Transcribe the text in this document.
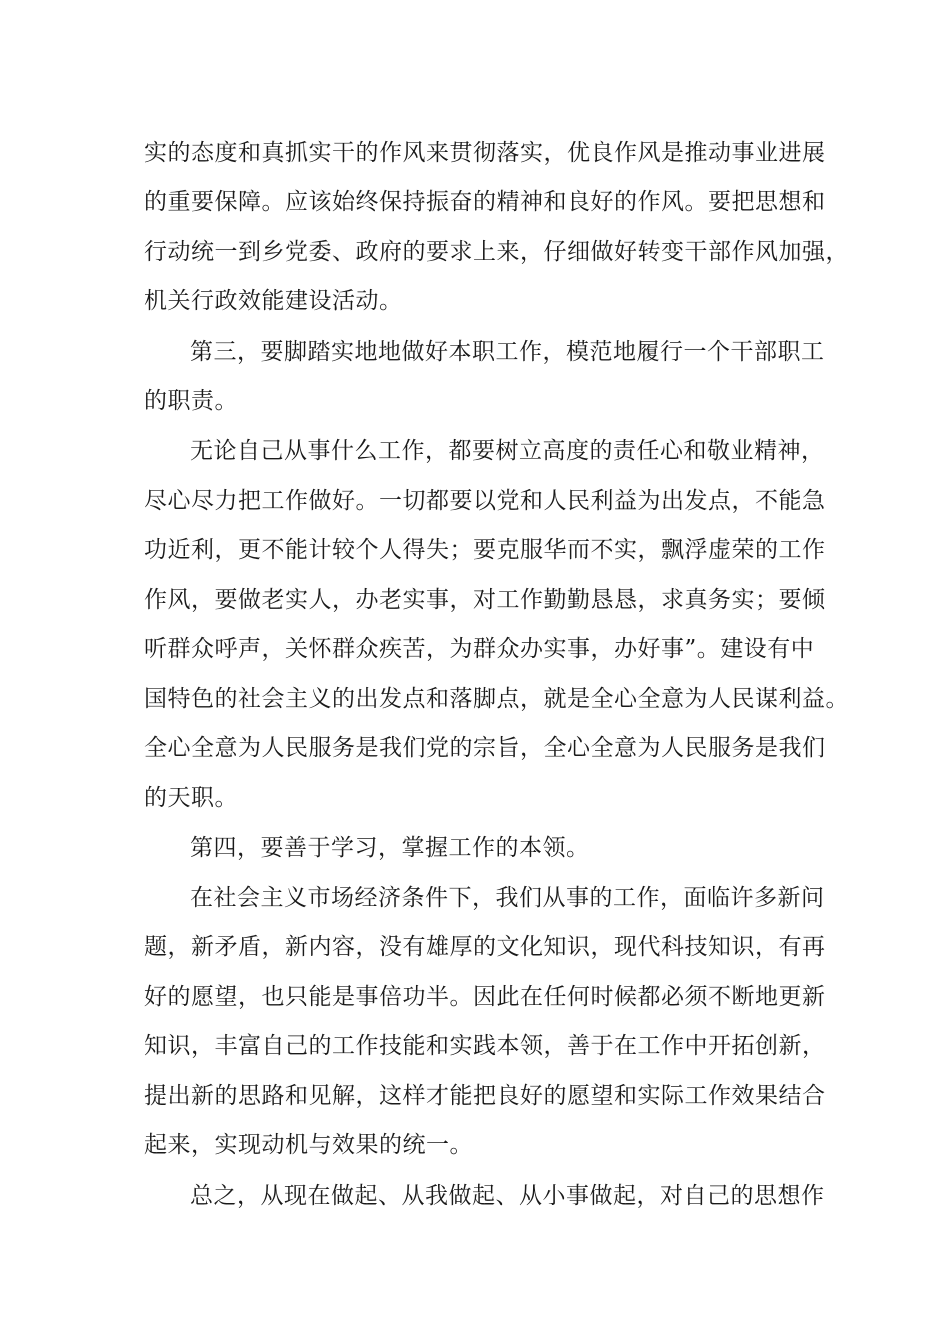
实的态度和真抓实干的作风来贯彻落实，优良作风是推动事业进展
的重要保障。应该始终保持振奋的精神和良好的作风。要把思想和
行动统一到乡党委、政府的要求上来，仔细做好转变干部作风加强，
机关行政效能建设活动。
第三，要脚踏实地地做好本职工作，模范地履行一个干部职工
的职责。
无论自己从事什么工作，都要树立高度的责任心和敬业精神，
尽心尽力把工作做好。一切都要以党和人民利益为出发点，不能急
功近利，更不能计较个人得失；要克服华而不实，飘浮虚荣的工作
作风，要做老实人，办老实事，对工作勤勤恳恳，求真务实；要倾
听群众呼声，关怀群众疾苦，为群众办实事，办好事”。建设有中
国特色的社会主义的出发点和落脚点，就是全心全意为人民谋利益。
全心全意为人民服务是我们党的宗旨，全心全意为人民服务是我们
的天职。
第四，要善于学习，掌握工作的本领。
在社会主义市场经济条件下，我们从事的工作，面临许多新问
题，新矛盾，新内容，没有雄厚的文化知识，现代科技知识，有再
好的愿望，也只能是事倍功半。因此在任何时候都必须不断地更新
知识，丰富自己的工作技能和实践本领，善于在工作中开拓创新，
提出新的思路和见解，这样才能把良好的愿望和实际工作效果结合
起来，实现动机与效果的统一。
总之，从现在做起、从我做起、从小事做起，对自己的思想作
